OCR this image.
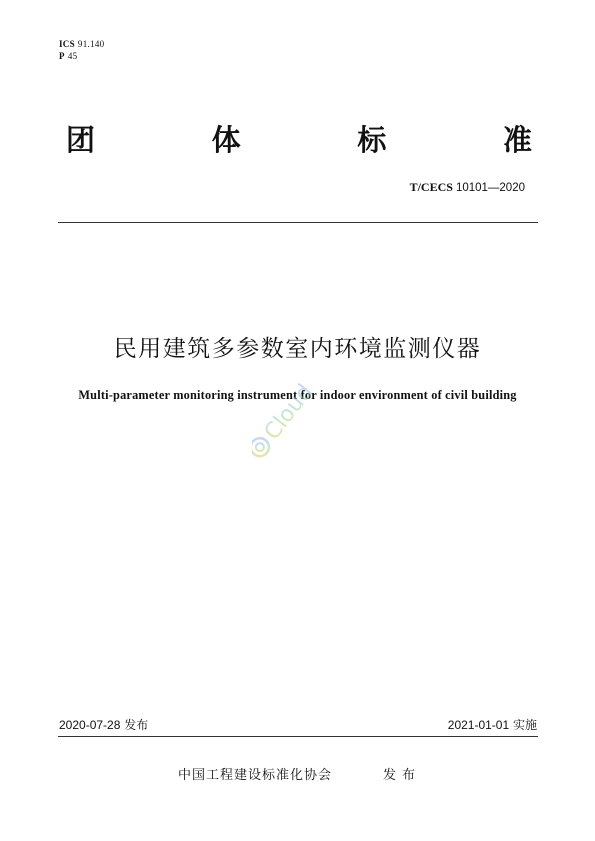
ICS 91.140
P 45
团	体	标	准
T/CECS 10101—2020
民用建筑多参数室内环境监测仪器
Multi-parameter monitoring instrument for indoor environment of civil building
Cloud
2020-07-28 发布	2021-01-01 实施
中国工程建设标准化协会	发布
